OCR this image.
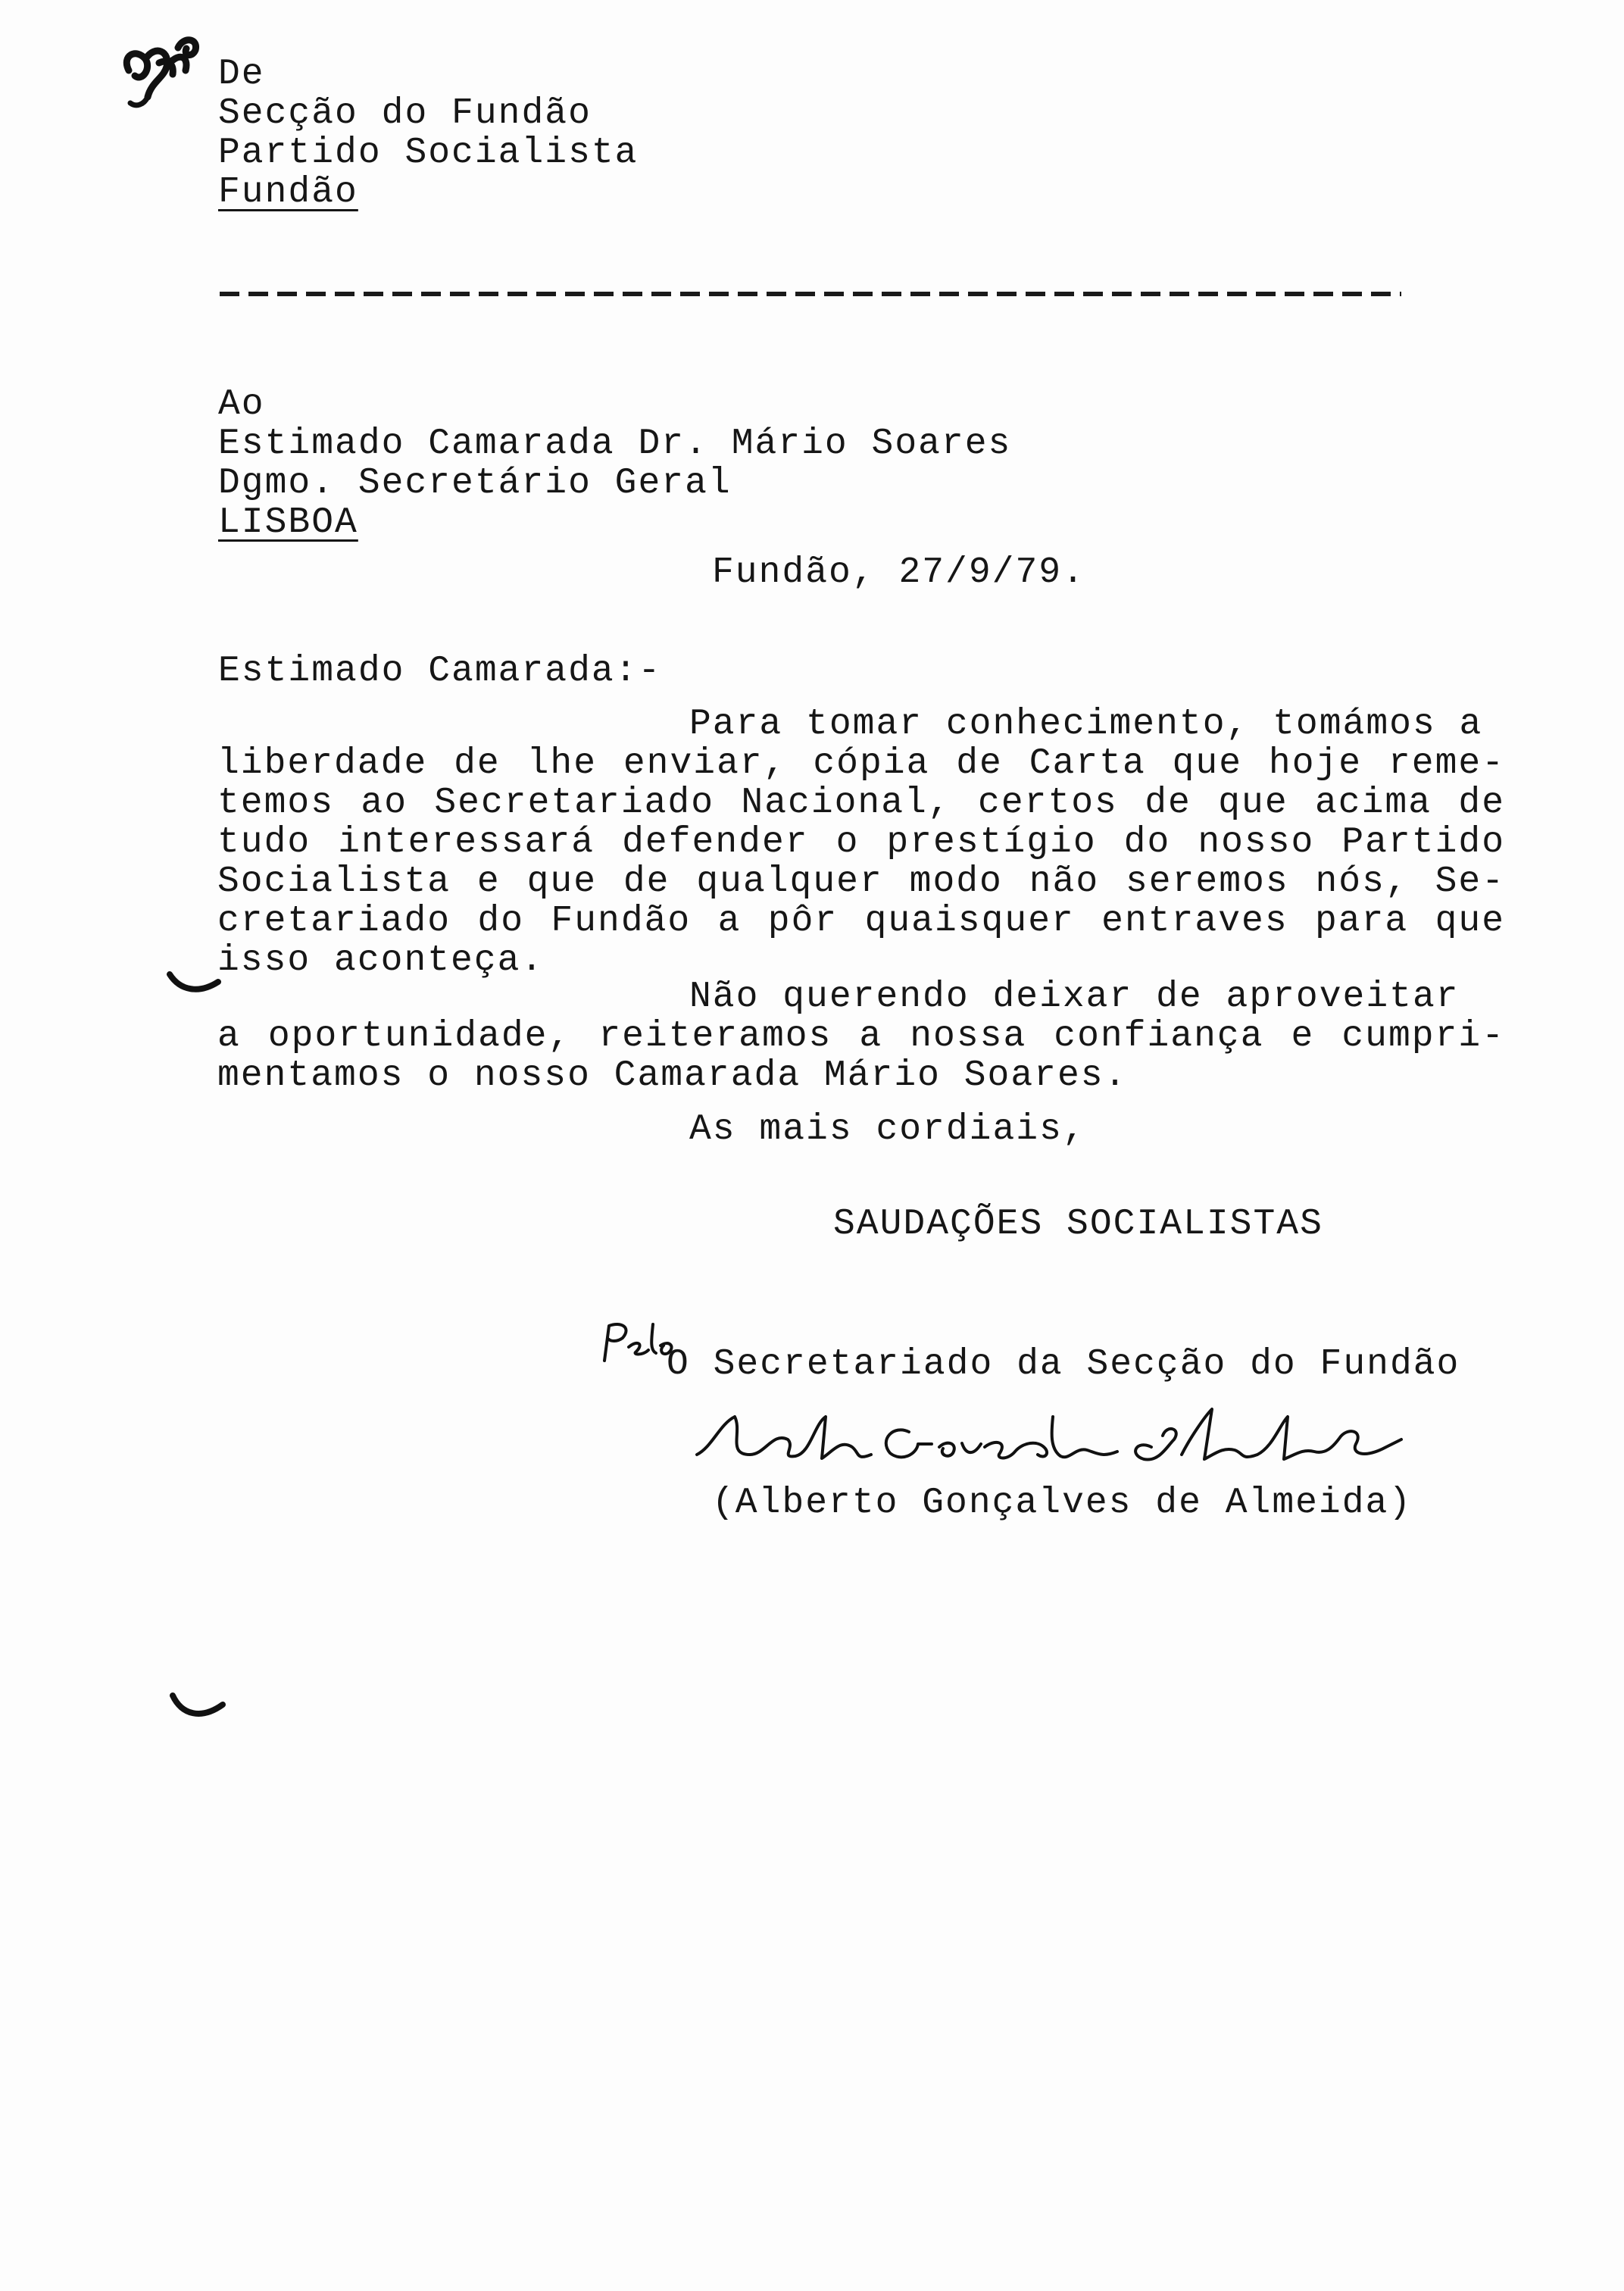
De
Secção do Fundão
Partido Socialista
Fundão
Ao
Estimado Camarada Dr. Mário Soares
Dgmo. Secretário Geral
LISBOA
Fundão, 27/9/79.
Estimado Camarada:-
Para tomar conhecimento, tomámos a

liberdade de lhe enviar, cópia de Carta que hoje reme- temos ao Secretariado Nacional, certos de que acima de tudo interessará defender o prestígio do nosso Partido Socialista e que de qualquer modo não seremos nós, Se- cretariado do Fundão a pôr quaisquer entraves para que isso aconteça.

Não querendo deixar de aproveitar

a oportunidade, reiteramos a nossa confiança e cumpri- mentamos o nosso Camarada Mário Soares.

As mais cordiais,
SAUDAÇÕES SOCIALISTAS
Pelo
O Secretariado da Secção do Fundão
Alberto Gonçalves de Almeida
(Alberto Gonçalves de Almeida)
